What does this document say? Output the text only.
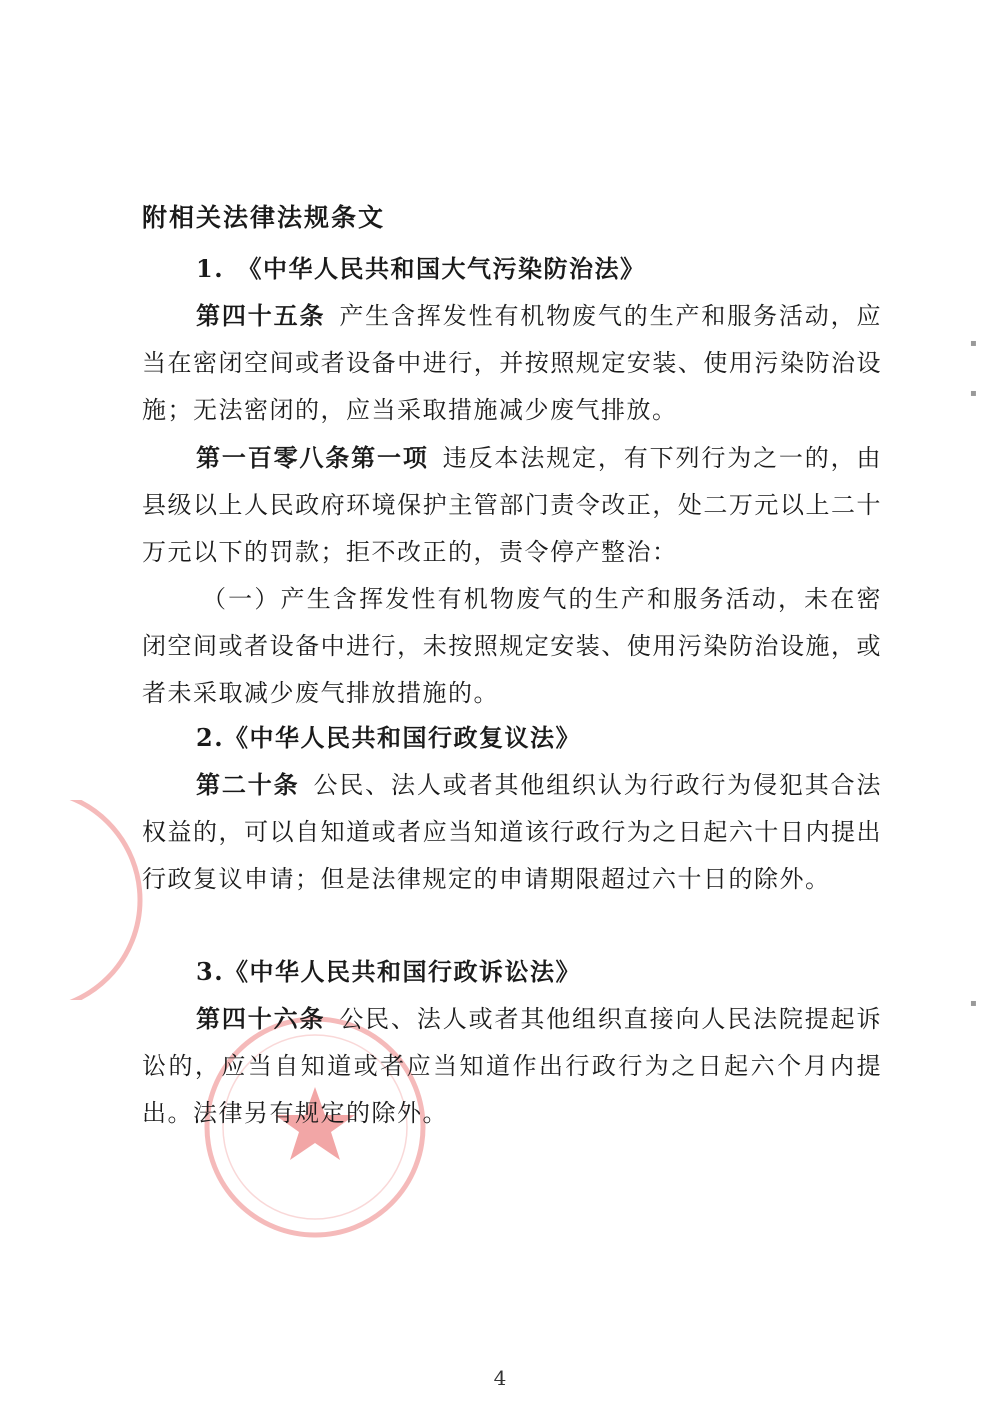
▪
▪
▪
附相关法律法规条文

1.　《中华人民共和国大气污染防治法》

第四十五条 产生含挥发性有机物废气的生产和服务活动，应当在密闭空间或者设备中进行，并按照规定安装、使用污染防治设施；无法密闭的，应当采取措施减少废气排放。

第一百零八条第一项 违反本法规定，有下列行为之一的，由县级以上人民政府环境保护主管部门责令改正，处二万元以上二十万元以下的罚款；拒不改正的，责令停产整治：

（一）产生含挥发性有机物废气的生产和服务活动，未在密闭空间或者设备中进行，未按照规定安装、使用污染防治设施，或者未采取减少废气排放措施的。

2.《中华人民共和国行政复议法》

第二十条 公民、法人或者其他组织认为行政行为侵犯其合法权益的，可以自知道或者应当知道该行政行为之日起六十日内提出行政复议申请；但是法律规定的申请期限超过六十日的除外。

3.《中华人民共和国行政诉讼法》

第四十六条 公民、法人或者其他组织直接向人民法院提起诉讼的，应当自知道或者应当知道作出行政行为之日起六个月内提出。法律另有规定的除外。

4
